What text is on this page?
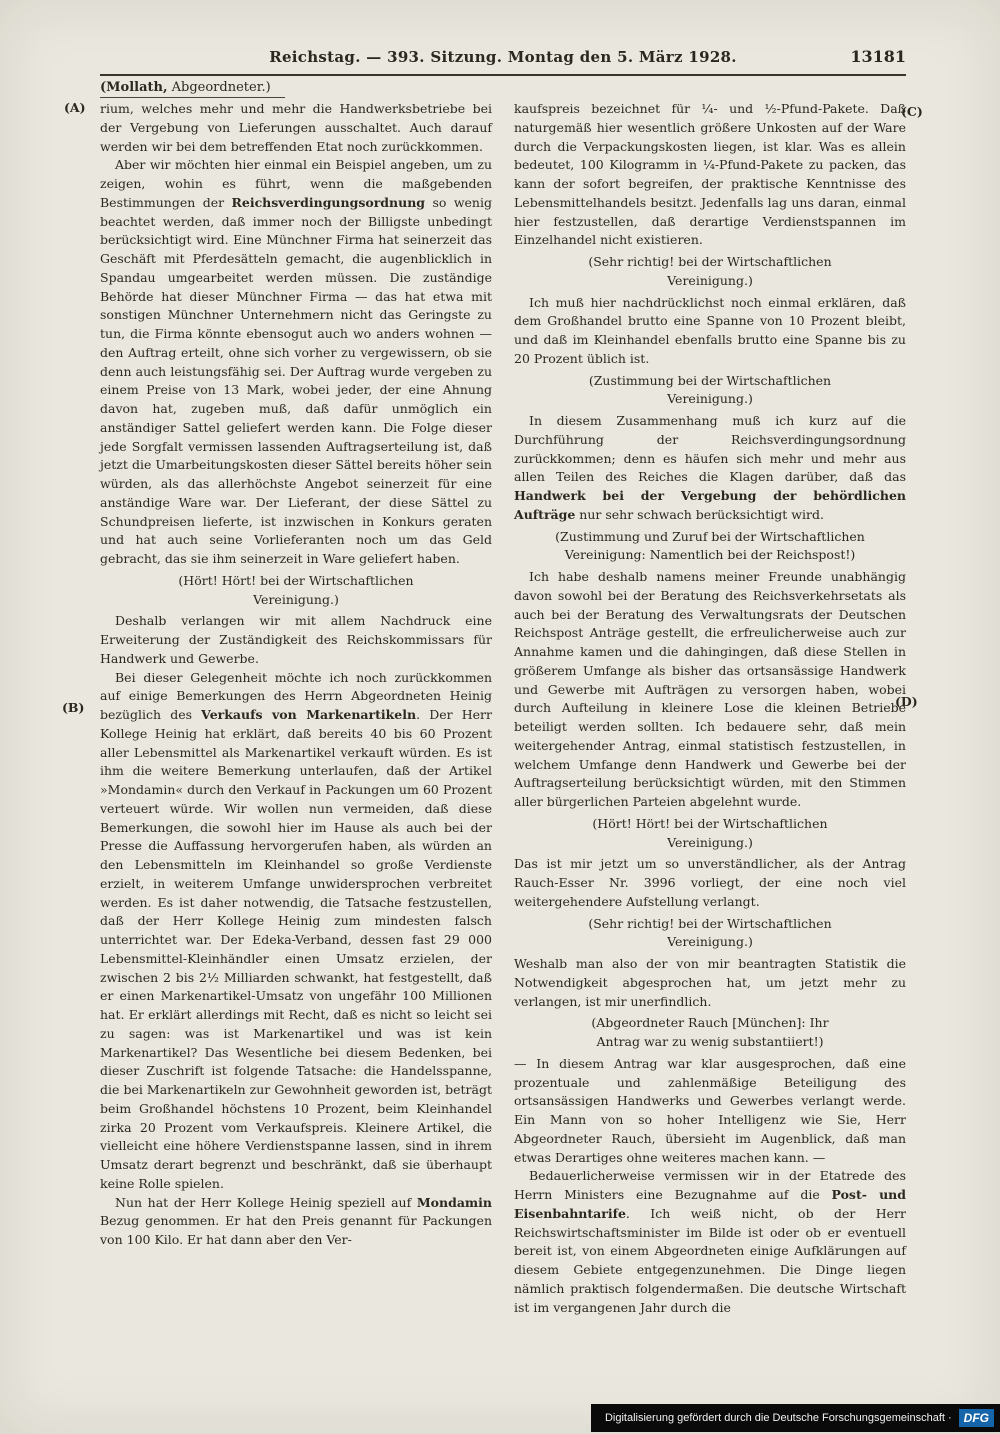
Reichstag. — 393. Sitzung. Montag den 5. März 1928.	13181
(Mollath, Abgeordneter.)

rium, welches mehr und mehr die Handwerksbetriebe bei der Vergebung von Lieferungen ausschaltet. Auch darauf werden wir bei dem betreffenden Etat noch zurückkommen.

Aber wir möchten hier einmal ein Beispiel angeben, um zu zeigen, wohin es führt, wenn die maßgebenden Bestimmungen der Reichsverdingungsordnung so wenig beachtet werden, daß immer noch der Billigste unbedingt berücksichtigt wird. Eine Münchner Firma hat seinerzeit das Geschäft mit Pferdesätteln gemacht, die augenblicklich in Spandau umgearbeitet werden müssen. Die zuständige Behörde hat dieser Münchner Firma — das hat etwa mit sonstigen Münchner Unternehmern nicht das Geringste zu tun, die Firma könnte ebensogut auch wo anders wohnen — den Auftrag erteilt, ohne sich vorher zu vergewissern, ob sie denn auch leistungsfähig sei. Der Auftrag wurde vergeben zu einem Preise von 13 Mark, wobei jeder, der eine Ahnung davon hat, zugeben muß, daß dafür unmöglich ein anständiger Sattel geliefert werden kann. Die Folge dieser jede Sorgfalt vermissen lassenden Auftragserteilung ist, daß jetzt die Umarbeitungskosten dieser Sättel bereits höher sein würden, als das allerhöchste Angebot seinerzeit für eine anständige Ware war. Der Lieferant, der diese Sättel zu Schundpreisen lieferte, ist inzwischen in Konkurs geraten und hat auch seine Vorlieferanten noch um das Geld gebracht, das sie ihm seinerzeit in Ware geliefert haben.

(Hört! Hört! bei der Wirtschaftlichen Vereinigung.)

Deshalb verlangen wir mit allem Nachdruck eine Erweiterung der Zuständigkeit des Reichskommissars für Handwerk und Gewerbe.

Bei dieser Gelegenheit möchte ich noch zurückkommen auf einige Bemerkungen des Herrn Abgeordneten Heinig bezüglich des Verkaufs von Markenartikeln. Der Herr Kollege Heinig hat erklärt, daß bereits 40 bis 60 Prozent aller Lebensmittel als Markenartikel verkauft würden. Es ist ihm die weitere Bemerkung unterlaufen, daß der Artikel »Mondamin« durch den Verkauf in Packungen um 60 Prozent verteuert würde. Wir wollen nun vermeiden, daß diese Bemerkungen, die sowohl hier im Hause als auch bei der Presse die Auffassung hervorgerufen haben, als würden an den Lebensmitteln im Kleinhandel so große Verdienste erzielt, in weiterem Umfange unwidersprochen verbreitet werden. Es ist daher notwendig, die Tatsache festzustellen, daß der Herr Kollege Heinig zum mindesten falsch unterrichtet war. Der Edeka-Verband, dessen fast 29 000 Lebensmittel-Kleinhändler einen Umsatz erzielen, der zwischen 2 bis 2½ Milliarden schwankt, hat festgestellt, daß er einen Markenartikel-Umsatz von ungefähr 100 Millionen hat. Er erklärt allerdings mit Recht, daß es nicht so leicht sei zu sagen: was ist Markenartikel und was ist kein Markenartikel? Das Wesentliche bei diesem Bedenken, bei dieser Zuschrift ist folgende Tatsache: die Handelsspanne, die bei Markenartikeln zur Gewohnheit geworden ist, beträgt beim Großhandel höchstens 10 Prozent, beim Kleinhandel zirka 20 Prozent vom Verkaufspreis. Kleinere Artikel, die vielleicht eine höhere Verdienstspanne lassen, sind in ihrem Umsatz derart begrenzt und beschränkt, daß sie überhaupt keine Rolle spielen.

Nun hat der Herr Kollege Heinig speziell auf Mondamin Bezug genommen. Er hat den Preis genannt für Packungen von 100 Kilo. Er hat dann aber den Ver-

kaufspreis bezeichnet für ¼- und ½-Pfund-Pakete. Daß naturgemäß hier wesentlich größere Unkosten auf der Ware durch die Verpackungskosten liegen, ist klar. Was es allein bedeutet, 100 Kilogramm in ¼-Pfund-Pakete zu packen, das kann der sofort begreifen, der praktische Kenntnisse des Lebensmittelhandels besitzt. Jedenfalls lag uns daran, einmal hier festzustellen, daß derartige Verdienstspannen im Einzelhandel nicht existieren.

(Sehr richtig! bei der Wirtschaftlichen Vereinigung.)

Ich muß hier nachdrücklichst noch einmal erklären, daß dem Großhandel brutto eine Spanne von 10 Prozent bleibt, und daß im Kleinhandel ebenfalls brutto eine Spanne bis zu 20 Prozent üblich ist.

(Zustimmung bei der Wirtschaftlichen Vereinigung.)

In diesem Zusammenhang muß ich kurz auf die Durchführung der Reichsverdingungsordnung zurückkommen; denn es häufen sich mehr und mehr aus allen Teilen des Reiches die Klagen darüber, daß das Handwerk bei der Vergebung der behördlichen Aufträge nur sehr schwach berücksichtigt wird.

(Zustimmung und Zuruf bei der Wirtschaftlichen Vereinigung: Namentlich bei der Reichspost!)

Ich habe deshalb namens meiner Freunde unabhängig davon sowohl bei der Beratung des Reichsverkehrsetats als auch bei der Beratung des Verwaltungsrats der Deutschen Reichspost Anträge gestellt, die erfreulicherweise auch zur Annahme kamen und die dahingingen, daß diese Stellen in größerem Umfange als bisher das ortsansässige Handwerk und Gewerbe mit Aufträgen zu versorgen haben, wobei durch Aufteilung in kleinere Lose die kleinen Betriebe beteiligt werden sollten. Ich bedauere sehr, daß mein weitergehender Antrag, einmal statistisch festzustellen, in welchem Umfange denn Handwerk und Gewerbe bei der Auftragserteilung berücksichtigt würden, mit den Stimmen aller bürgerlichen Parteien abgelehnt wurde.

(Hört! Hört! bei der Wirtschaftlichen Vereinigung.)

Das ist mir jetzt um so unverständlicher, als der Antrag Rauch-Esser Nr. 3996 vorliegt, der eine noch viel weitergehendere Aufstellung verlangt.

(Sehr richtig! bei der Wirtschaftlichen Vereinigung.)

Weshalb man also der von mir beantragten Statistik die Notwendigkeit abgesprochen hat, um jetzt mehr zu verlangen, ist mir unerfindlich.

(Abgeordneter Rauch [München]: Ihr Antrag war zu wenig substantiiert!)

— In diesem Antrag war klar ausgesprochen, daß eine prozentuale und zahlenmäßige Beteiligung des ortsansässigen Handwerks und Gewerbes verlangt werde. Ein Mann von so hoher Intelligenz wie Sie, Herr Abgeordneter Rauch, übersieht im Augenblick, daß man etwas Derartiges ohne weiteres machen kann. —

Bedauerlicherweise vermissen wir in der Etatrede des Herrn Ministers eine Bezugnahme auf die Post- und Eisenbahntarife. Ich weiß nicht, ob der Herr Reichswirtschaftsminister im Bilde ist oder ob er eventuell bereit ist, von einem Abgeordneten einige Aufklärungen auf diesem Gebiete entgegenzunehmen. Die Dinge liegen nämlich praktisch folgendermaßen. Die deutsche Wirtschaft ist im vergangenen Jahr durch die

(A)
(B)
(C)
(D)
Digitalisierung gefördert durch die Deutsche Forschungsgemeinschaft ·	DFG
